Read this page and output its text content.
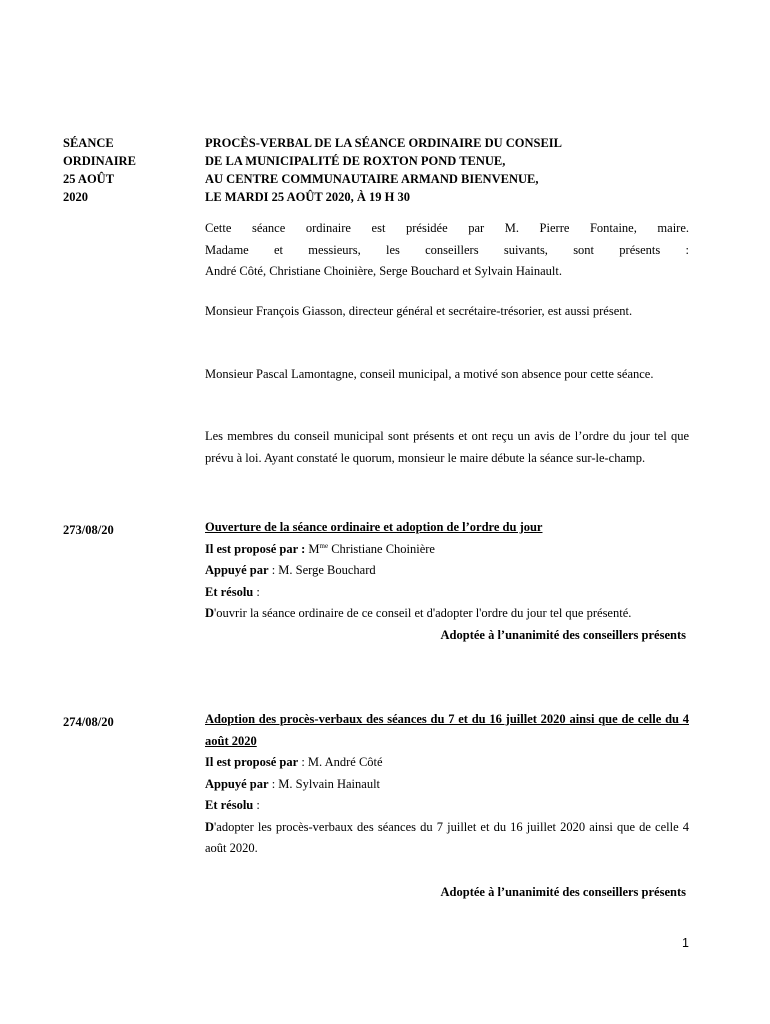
SÉANCE
ORDINAIRE
25 AOÛT
2020
PROCÈS-VERBAL DE LA SÉANCE ORDINAIRE DU CONSEIL
DE LA MUNICIPALITÉ DE ROXTON POND TENUE,
AU CENTRE COMMUNAUTAIRE ARMAND BIENVENUE,
LE MARDI 25 AOÛT 2020, À 19 H 30
Cette séance ordinaire est présidée par M. Pierre Fontaine, maire.
Madame et messieurs, les conseillers suivants, sont présents :
André Côté, Christiane Choinière, Serge Bouchard et Sylvain Hainault.
Monsieur François Giasson, directeur général et secrétaire-trésorier, est aussi présent.
Monsieur Pascal Lamontagne, conseil municipal, a motivé son absence pour cette séance.
Les membres du conseil municipal sont présents et ont reçu un avis de l’ordre du jour tel que prévu à loi. Ayant constaté le quorum, monsieur le maire débute la séance sur-le-champ.
273/08/20	Ouverture de la séance ordinaire et adoption de l’ordre du jour
Il est proposé par : $M^{me}$ Christiane Choinière
Appuyé par : M. Serge Bouchard
Et résolu :
D'ouvrir la séance ordinaire de ce conseil et d'adopter l'ordre du jour tel que présenté.
Adoptée à l’unanimité des conseillers présents
274/08/20	Adoption des procès-verbaux des séances du 7 et du 16 juillet 2020 ainsi que de celle du 4 août 2020
Il est proposé par : M. André Côté
Appuyé par : M. Sylvain Hainault
Et résolu :
D'adopter les procès-verbaux des séances du 7 juillet et du 16 juillet 2020 ainsi que de celle 4 août 2020.
Adoptée à l’unanimité des conseillers présents
1
